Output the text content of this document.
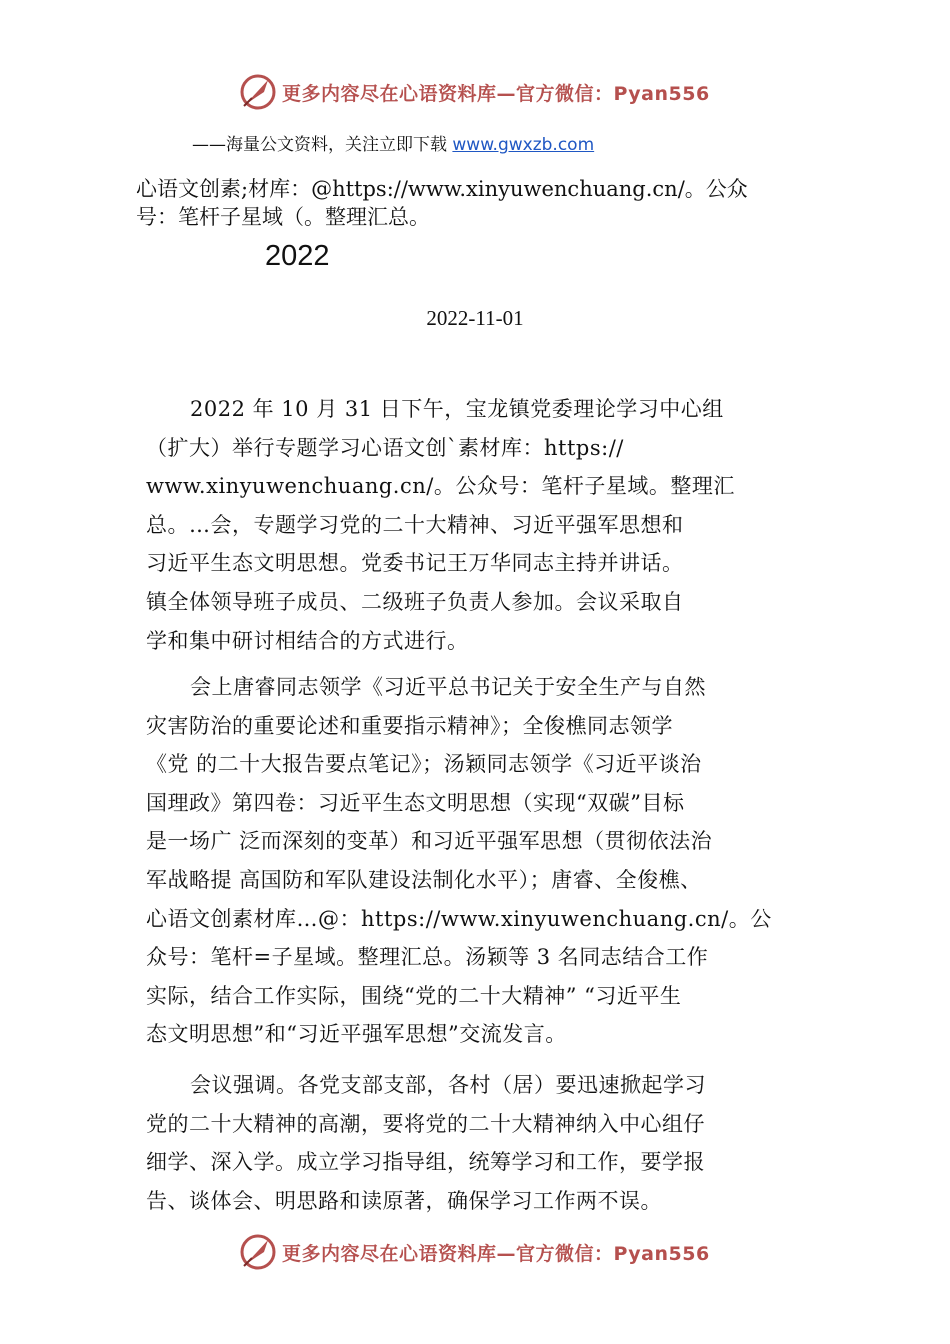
更多内容尽在心语资料库—官方微信：Pyan556
——海量公文资料，关注立即下载 www.gwxzb.com
心语文创素;材库：@https://www.xinyuwenchuang.cn/。公众
号：笔杆子星域（。整理汇总。
2022
2022-11-01
2022 年 10 月 31 日下午，宝龙镇党委理论学习中心组
（扩大）举行专题学习心语文创`素材库：https://
www.xinyuwenchuang.cn/。公众号：笔杆子星域。整理汇
总。…会，专题学习党的二十大精神、习近平强军思想和
习近平生态文明思想。党委书记王万华同志主持并讲话。
镇全体领导班子成员、二级班子负责人参加。会议采取自
学和集中研讨相结合的方式进行。
会上唐睿同志领学《习近平总书记关于安全生产与自然
灾害防治的重要论述和重要指示精神》；全俊樵同志领学
《党 的二十大报告要点笔记》；汤颖同志领学《习近平谈治
国理政》第四卷：习近平生态文明思想（实现“双碳”目标
是一场广 泛而深刻的变革）和习近平强军思想（贯彻依法治
军战略提 高国防和军队建设法制化水平）；唐睿、全俊樵、
心语文创素材库…@：https://www.xinyuwenchuang.cn/。公
众号：笔杆=子星域。整理汇总。汤颖等 3 名同志结合工作
实际，结合工作实际，围绕“党的二十大精神” “习近平生
态文明思想”和“习近平强军思想”交流发言。
会议强调。各党支部支部，各村（居）要迅速掀起学习
党的二十大精神的高潮，要将党的二十大精神纳入中心组仔
细学、深入学。成立学习指导组，统筹学习和工作，要学报
告、谈体会、明思路和读原著，确保学习工作两不误。
更多内容尽在心语资料库—官方微信：Pyan556
